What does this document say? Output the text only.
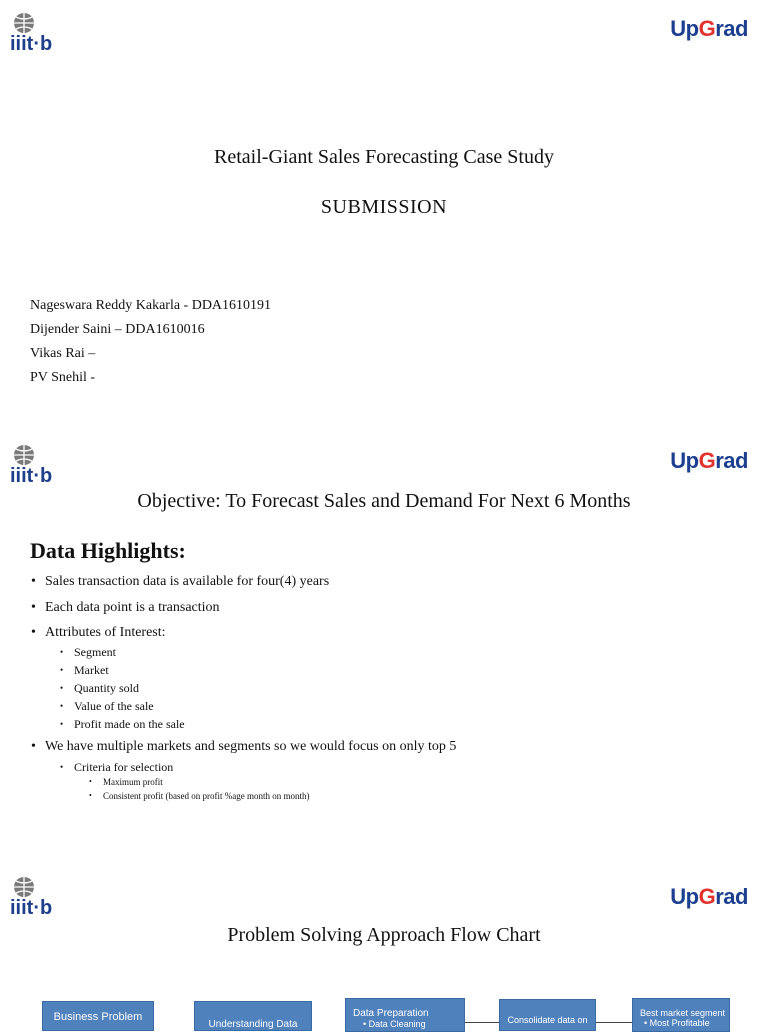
iiit·b
UpGrad
Retail-Giant Sales Forecasting Case Study
SUBMISSION
Nageswara Reddy Kakarla - DDA1610191
Dijender Saini – DDA1610016
Vikas Rai –
PV Snehil -
iiit·b
UpGrad
Objective: To Forecast Sales and Demand For Next 6 Months
Data Highlights:
• Sales transaction data is available for four(4) years
• Each data point is a transaction
• Attributes of Interest:
• Segment
• Market
• Quantity sold
• Value of the sale
• Profit made on the sale
• We have multiple markets and segments so we would focus on only top 5
• Criteria for selection
• Maximum profit
• Consistent profit (based on profit %age month on month)
iiit·b	UpGrad
Problem Solving Approach Flow Chart
Business Problem
Understanding Data
Data Preparation
• Data Cleaning	Consolidate data on
Best market segment
• Most Profitable
